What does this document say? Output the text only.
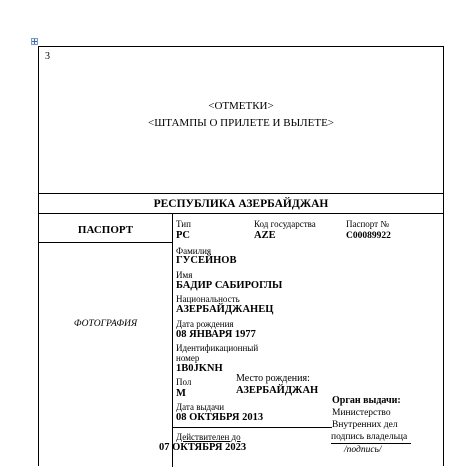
3
<ОТМЕТКИ>
<ШТАМПЫ О ПРИЛЕТЕ И ВЫЛЕТЕ>
РЕСПУБЛИКА АЗЕРБАЙДЖАН
ПАСПОРТ
ФОТОГРАФИЯ
Тип
PC
Код государства
AZE
Паспорт №
C00089922
Фамилия
ГУСЕЙНОВ
Имя
БАДИР САБИРОГЛЫ
Национальность
АЗЕРБАЙДЖАНЕЦ
Дата рождения
08 ЯНВАРЯ 1977
Идентификационный
номер
1B0JKNH
Пол
M
Место рождения:
АЗЕРБАЙДЖАН
Дата выдачи
08 ОКТЯБРЯ 2013
Орган выдачи:
Министерство
Внутренних дел
Действителен до
07 ОКТЯБРЯ 2023
подпись владельца
/подпись/
